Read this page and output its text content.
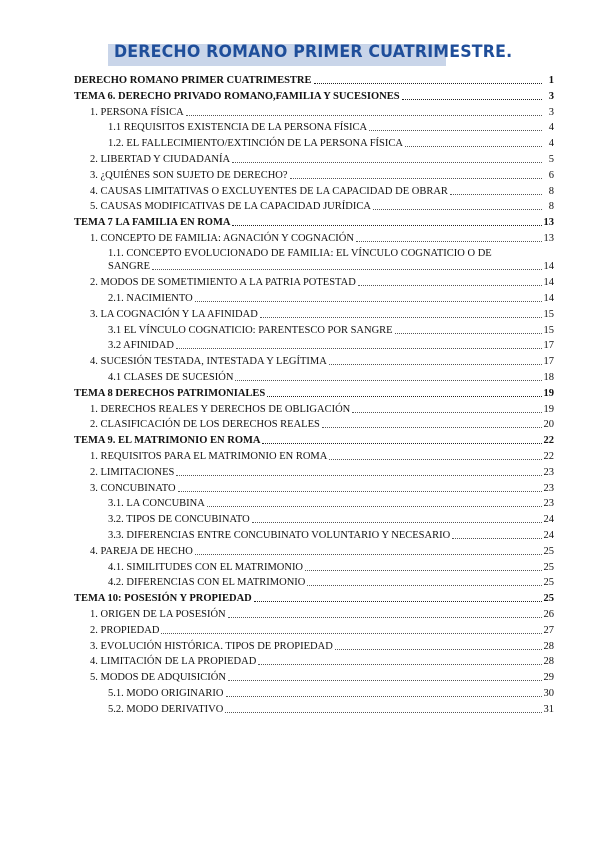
DERECHO ROMANO PRIMER CUATRIMESTRE.
DERECHO ROMANO PRIMER CUATRIMESTRE	1
TEMA 6. DERECHO PRIVADO ROMANO,FAMILIA Y SUCESIONES	3
1. PERSONA FÍSICA	3
1.1 REQUISITOS EXISTENCIA DE LA PERSONA FÍSICA	4
1.2. EL FALLECIMIENTO/EXTINCIÓN DE LA PERSONA FÍSICA	4
2. LIBERTAD Y CIUDADANÍA	5
3. ¿QUIÉNES SON SUJETO DE DERECHO?	6
4. CAUSAS LIMITATIVAS O EXCLUYENTES DE LA CAPACIDAD DE OBRAR	8
5. CAUSAS MODIFICATIVAS DE LA CAPACIDAD JURÍDICA	8
TEMA 7 LA FAMILIA EN ROMA	13
1. CONCEPTO DE FAMILIA: AGNACIÓN Y COGNACIÓN	13
1.1. CONCEPTO EVOLUCIONADO DE FAMILIA: EL VÍNCULO COGNATICIO O DE
SANGRE	14
2. MODOS DE SOMETIMIENTO A LA PATRIA POTESTAD	14
2.1. NACIMIENTO	14
3. LA COGNACIÓN Y LA AFINIDAD	15
3.1 EL VÍNCULO COGNATICIO: PARENTESCO POR SANGRE	15
3.2 AFINIDAD	17
4. SUCESIÓN TESTADA, INTESTADA Y LEGÍTIMA	17
4.1 CLASES DE SUCESIÓN	18
TEMA 8 DERECHOS PATRIMONIALES	19
1. DERECHOS REALES Y DERECHOS DE OBLIGACIÓN	19
2. CLASIFICACIÓN DE LOS DERECHOS REALES	20
TEMA 9. EL MATRIMONIO EN ROMA	22
1. REQUISITOS PARA EL MATRIMONIO EN ROMA	22
2. LIMITACIONES	23
3. CONCUBINATO	23
3.1. LA CONCUBINA	23
3.2. TIPOS DE CONCUBINATO	24
3.3. DIFERENCIAS ENTRE CONCUBINATO VOLUNTARIO Y NECESARIO	24
4. PAREJA DE HECHO	25
4.1. SIMILITUDES CON EL MATRIMONIO	25
4.2. DIFERENCIAS CON EL MATRIMONIO	25
TEMA 10: POSESIÓN Y PROPIEDAD	25
1. ORIGEN DE LA POSESIÓN	26
2. PROPIEDAD	27
3. EVOLUCIÓN HISTÓRICA. TIPOS DE PROPIEDAD	28
4. LIMITACIÓN DE LA PROPIEDAD	28
5. MODOS DE ADQUISICIÓN	29
5.1. MODO ORIGINARIO	30
5.2. MODO DERIVATIVO	31
